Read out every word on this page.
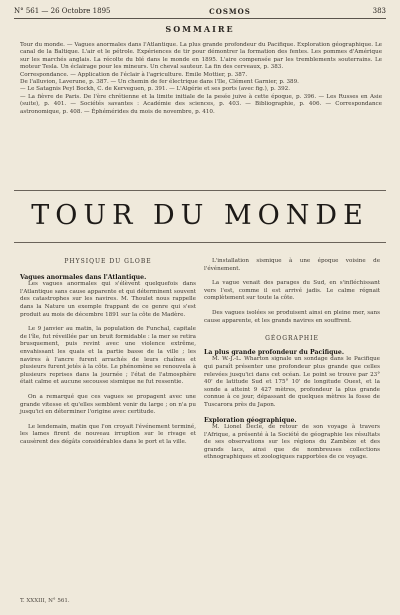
N° 561 — 26 Octobre 1895	COSMOS	383
SOMMAIRE
Tour du monde. — Vagues anormales dans l'Atlantique. La plus grande profondeur du Pacifique. Exploration géographique. Le canal de la Baltique. L'air et le pétrole. Expériences de tir pour démontrer la formation des fentes. Les pommes d'Amérique sur les marchés anglais. La récolte du blé dans le monde en 1895. L'aire compensée par les tremblements souterrains. Le moteur Tesla. Un éclairage pour les mineurs. Un cheval sauteur. La fin des cerveaux, p. 383.
Correspondance. — Application de l'éclair à l'agriculture. Emile Mottier, p. 387.
De l'alluvion, Laverune, p. 387. — Un chemin de fer électrique dans l'Ile, Clément Garnier, p. 389.
— Le Satagnis Peyl Bockh, C. de Kerveguen, p. 391. — L'Algérie et ses ports (avec fig.), p. 392.
— La fièvre de Paris. De l'ère chrétienne et la limite initiale de la pesée juive à cette époque, p. 396. — Les Russes en Asie (suite), p. 401. — Sociétés savantes : Académie des sciences, p. 403. — Bibliographie, p. 406. — Correspondance astronomique, p. 408. — Éphémérides du mois de novembre, p. 410.
TOUR DU MONDE
PHYSIQUE DU GLOBE
Vagues anormales dans l'Atlantique.

Les vagues anormales qui s'élèvent quelquefois dans l'Atlantique sans cause apparente et qui déterminent souvent des catastrophes sur les navires. M. Thoulet nous rappelle dans la Nature un exemple frappant de ce genre qui s'est produit au mois de décembre 1891 sur la côte de Madère.

Le 9 janvier au matin, la population de Funchal, capitale de l'île, fut réveillée par un bruit formidable : la mer se retira brusquement, puis revint avec une violence extrême, envahissant les quais et la partie basse de la ville ; les navires à l'ancre furent arrachés de leurs chaînes et plusieurs furent jetés à la côte. Le phénomène se renouvela à plusieurs reprises dans la journée ; l'état de l'atmosphère était calme et aucune secousse sismique ne fut ressentie.

On a remarqué que ces vagues se propagent avec une grande vitesse et qu'elles semblent venir du large ; on n'a pu jusqu'ici en déterminer l'origine avec certitude.

Le lendemain, matin que l'on croyait l'événement terminé, les lames firent de nouveau irruption sur le rivage et causèrent des dégâts considérables dans le port et la ville.

L'installation sismique à une époque voisine de l'événement.

La vague venait des parages du Sud, en s'infléchissant vers l'est, comme il est arrivé jadis. Le calme régnait complètement sur toute la côte.

Des vagues isolées se produisent ainsi en pleine mer, sans cause apparente, et les grands navires en souffrent.

GÉOGRAPHIE
La plus grande profondeur du Pacifique.

M. W.-J.-L. Wharton signale un sondage dans le Pacifique qui paraît présenter une profondeur plus grande que celles relevées jusqu'ici dans cet océan. Le point se trouve par 23° 40' de latitude Sud et 175° 10' de longitude Ouest, et la sonde a atteint 9 427 mètres, profondeur la plus grande connue à ce jour, dépassant de quelques mètres la fosse de Tuscarora près du Japon.

Exploration géographique.

M. Lionel Decle, de retour de son voyage à travers l'Afrique, a présenté à la Société de géographie les résultats de ses observations sur les régions du Zambèze et des grands lacs, ainsi que de nombreuses collections ethnographiques et zoologiques rapportées de ce voyage.

T. XXXIII, N° 561.
